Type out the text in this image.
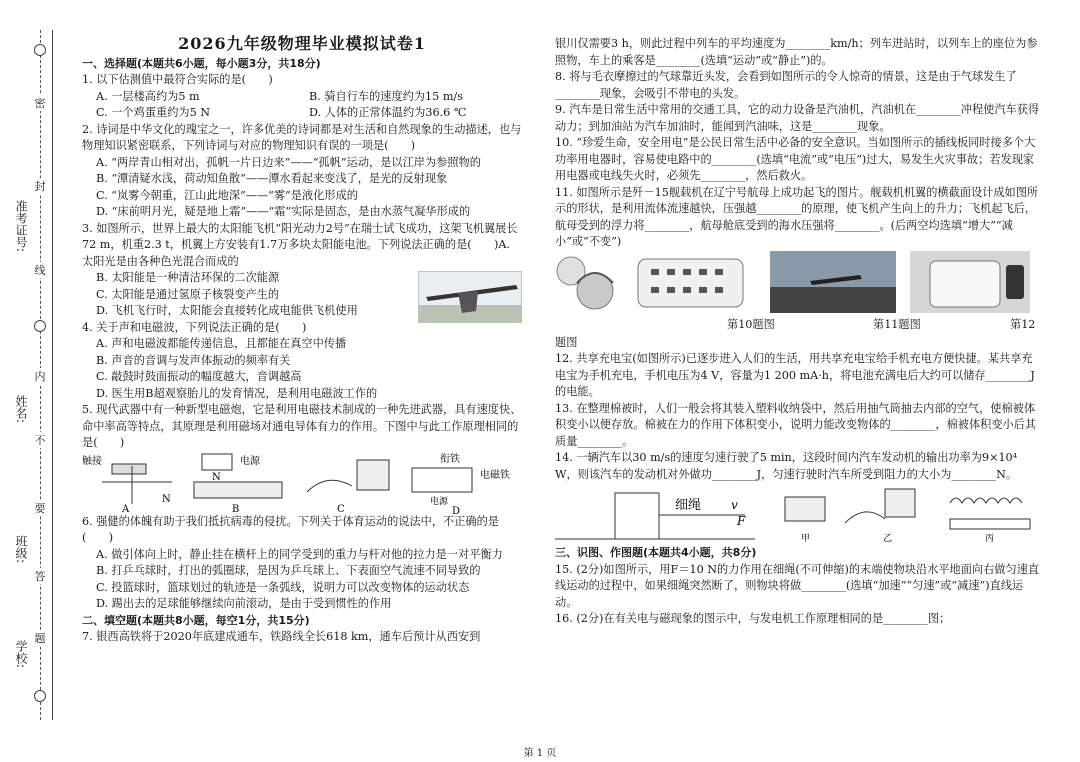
学校:
班级:
姓名:
准考证号:
密
封
线
内
不
要
答
题
2026九年级物理毕业模拟试卷1

一、选择题(本题共6小题，每小题3分，共18分)

1. 以下估测值中最符合实际的是(　　)

A. 一层楼高约为5 m	B. 骑自行车的速度约为15 m/s
C. 一个鸡蛋重约为5 N	D. 人体的正常体温约为36.6 ℃

2. 诗词是中华文化的瑰宝之一，许多优美的诗词都是对生活和自然现象的生动描述，也与物理知识紧密联系，下列诗词与对应的物理知识有误的一项是(　　)

A. “两岸青山相对出，孤帆一片日边来”——“孤帆”运动，是以江岸为参照物的

B. “潭清疑水浅，荷动知鱼散”——潭水看起来变浅了，是光的反射现象

C. “岚雾今朝重，江山此地深”——“雾”是液化形成的

D. “床前明月光，疑是地上霜”——“霜”实际是固态，是由水蒸气凝华形成的

3. 如图所示，世界上最大的太阳能飞机“阳光动力2号”在瑞士试飞成功，这架飞机翼展长72 m，机重2.3 t，机翼上方安装有1.7万多块太阳能电池。下列说法正确的是(　　)A. 太阳光是由各种色光混合而成的

B. 太阳能是一种清洁环保的二次能源

C. 太阳能是通过氢原子核裂变产生的

D. 飞机飞行时，太阳能会直接转化成电能供飞机使用

4. 关于声和电磁波，下列说法正确的是(　　)

A. 声和电磁波都能传递信息，且都能在真空中传播

B. 声音的音调与发声体振动的频率有关

C. 敲鼓时鼓面振动的幅度越大，音调越高

D. 医生用B超观察胎儿的发育情况，是利用电磁波工作的

5. 现代武器中有一种新型电磁炮，它是利用电磁技术制成的一种先进武器，具有速度快、命中率高等特点，其原理是利用磁场对通电导体有力的作用。下图中与此工作原理相同的是(　　)

触接
N
A
电源
N
B	C
衔铁
电磁铁
电源
D

6. 强健的体魄有助于我们抵抗病毒的侵扰。下列关于体育运动的说法中，不正确的是(　　)

A. 做引体向上时，静止挂在横杆上的同学受到的重力与杆对他的拉力是一对平衡力

B. 打乒乓球时，打出的弧圈球，是因为乒乓球上、下表面空气流速不同导致的

C. 投篮球时，篮球划过的轨迹是一条弧线，说明力可以改变物体的运动状态

D. 踢出去的足球能够继续向前滚动，是由于受到惯性的作用

二、填空题(本题共8小题，每空1分，共15分)

7. 银西高铁将于2020年底建成通车，铁路线全长618 km，通车后预计从西安到

银川仅需要3 h，则此过程中列车的平均速度为________km/h；列车进站时，以列车上的座位为参照物，车上的乘客是________(选填“运动”或“静止”)的。

8. 将与毛衣摩擦过的气球靠近头发，会看到如图所示的令人惊奇的情景，这是由于气球发生了________现象，会吸引不带电的头发。

9. 汽车是日常生活中常用的交通工具，它的动力设备是汽油机，汽油机在________冲程使汽车获得动力；到加油站为汽车加油时，能闻到汽油味，这是________现象。

10. “珍爱生命，安全用电”是公民日常生活中必备的安全意识。当如图所示的插线板同时接多个大功率用电器时，容易使电路中的________(选填“电流”或“电压”)过大，易发生火灾事故；若发现家用电器或电线失火时，必须先________，然后救火。

11. 如图所示是歼－15舰载机在辽宁号航母上成功起飞的图片。舰载机机翼的横截面设计成如图所示的形状，是利用流体流速越快，压强越________的原理，使飞机产生向上的升力；飞机起飞后，航母受到的浮力将________，航母舱底受到的海水压强将________。(后两空均选填“增大”“减小”或“不变”)

第10题图	第11题图	第12

题图

12. 共享充电宝(如图所示)已逐步进入人们的生活，用共享充电宝给手机充电方便快捷。某共享充电宝为手机充电，手机电压为4 V，容量为1 200 mA·h，将电池充满电后大约可以储存________J的电能。

13. 在整理棉被时，人们一般会将其装入塑料收纳袋中，然后用抽气筒抽去内部的空气，使棉被体积变小以便存放。棉被在力的作用下体积变小，说明力能改变物体的________，棉被体积变小后其质量________。

14. 一辆汽车以30 m/s的速度匀速行驶了5 min，这段时间内汽车发动机的输出功率为9×10⁴ W，则该汽车的发动机对外做功________J，匀速行驶时汽车所受到阻力的大小为________N。

细绳 v
F
甲	乙	丙

三、识图、作图题(本题共4小题，共8分)

15. (2分)如图所示，用F＝10 N的力作用在细绳(不可伸缩)的末端使物块沿水平地面向右做匀速直线运动的过程中，如果细绳突然断了，则物块将做________(选填“加速”“匀速”或“减速”)直线运动。

16. (2分)在有关电与磁现象的图示中，与发电机工作原理相同的是________图；

第 1 页
